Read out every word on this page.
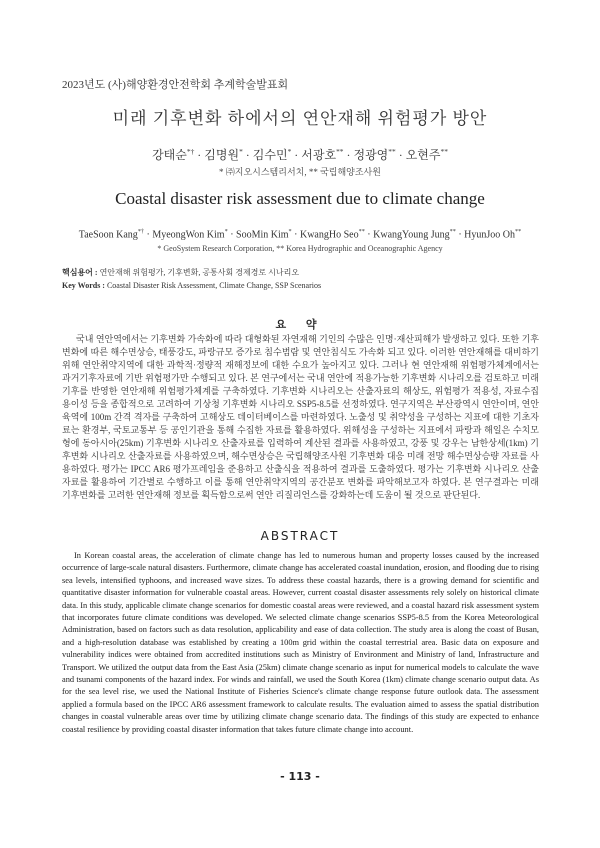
2023년도 (사)해양환경안전학회 추계학술발표회
미래 기후변화 하에서의 연안재해 위험평가 방안
강태순*† · 김명원* · 김수민* · 서광호** · 정광영** · 오현주**
* ㈜지오시스템리서치, ** 국립해양조사원
Coastal disaster risk assessment due to climate change
TaeSoon Kang*† · MyeongWon Kim* · SooMin Kim* · KwangHo Seo** · KwangYoung Jung** · HyunJoo Oh**
* GeoSystem Research Corporation, ** Korea Hydrographic and Oceanographic Agency
핵심용어 : 연안재해 위험평가, 기후변화, 공통사회 경제경로 시나리오
Key Words : Coastal Disaster Risk Assessment, Climate Change, SSP Scenarios
요 약
국내 연안역에서는 기후변화 가속화에 따라 대형화된 자연재해 기인의 수많은 인명·재산피해가 발생하고 있다. 또한 기후변화에 따른 해수면상승, 태풍강도, 파랑규모 증가로 침수범람 및 연안침식도 가속화 되고 있다. 이러한 연안재해를 대비하기 위해 연안취약지역에 대한 과학적·정량적 재해정보에 대한 수요가 높아지고 있다. 그러나 현 연안재해 위험평가체계에서는 과거기후자료에 기반 위험평가만 수행되고 있다. 본 연구에서는 국내 연안에 적용가능한 기후변화 시나리오를 검토하고 미래기후를 반영한 연안재해 위험평가체계를 구축하였다. 기후변화 시나리오는 산출자료의 해상도, 위험평가 적용성, 자료수집 용이성 등을 종합적으로 고려하여 기상청 기후변화 시나리오 SSP5-8.5를 선정하였다. 연구지역은 부산광역시 연안이며, 연안육역에 100m 간격 격자를 구축하여 고해상도 데이터베이스를 마련하였다. 노출성 및 취약성을 구성하는 지표에 대한 기초자료는 환경부, 국토교통부 등 공인기관을 통해 수집한 자료를 활용하였다. 위해성을 구성하는 지표에서 파랑과 해일은 수치모형에 동아시아(25km) 기후변화 시나리오 산출자료를 입력하여 계산된 결과를 사용하였고, 강풍 및 강우는 남한상세(1km) 기후변화 시나리오 산출자료를 사용하였으며, 해수면상승은 국립해양조사원 기후변화 대응 미래 전망 해수면상승량 자료를 사용하였다. 평가는 IPCC AR6 평가프레임을 준용하고 산출식을 적용하여 결과를 도출하였다. 평가는 기후변화 시나리오 산출자료를 활용하여 기간별로 수행하고 이를 통해 연안취약지역의 공간분포 변화를 파악해보고자 하였다. 본 연구결과는 미래 기후변화를 고려한 연안재해 정보를 획득함으로써 연안 리질리언스를 강화하는데 도움이 될 것으로 판단된다.
ABSTRACT
In Korean coastal areas, the acceleration of climate change has led to numerous human and property losses caused by the increased occurrence of large-scale natural disasters. Furthermore, climate change has accelerated coastal inundation, erosion, and flooding due to rising sea levels, intensified typhoons, and increased wave sizes. To address these coastal hazards, there is a growing demand for scientific and quantitative disaster information for vulnerable coastal areas. However, current coastal disaster assessments rely solely on historical climate data. In this study, applicable climate change scenarios for domestic coastal areas were reviewed, and a coastal hazard risk assessment system that incorporates future climate conditions was developed. We selected climate change scenarios SSP5-8.5 from the Korea Meteorological Administration, based on factors such as data resolution, applicability and ease of data collection. The study area is along the coast of Busan, and a high-resolution database was established by creating a 100m grid within the coastal terrestrial area. Basic data on exposure and vulnerability indices were obtained from accredited institutions such as Ministry of Environment and Ministry of land, Infrastructure and Transport. We utilized the output data from the East Asia (25km) climate change scenario as input for numerical models to calculate the wave and tsunami components of the hazard index. For winds and rainfall, we used the South Korea (1km) climate change scenario output data. As for the sea level rise, we used the National Institute of Fisheries Science's climate change response future outlook data. The assessment applied a formula based on the IPCC AR6 assessment framework to calculate results. The evaluation aimed to assess the spatial distribution changes in coastal vulnerable areas over time by utilizing climate change scenario data. The findings of this study are expected to enhance coastal resilience by providing coastal disaster information that takes future climate change into account.
- 113 -
